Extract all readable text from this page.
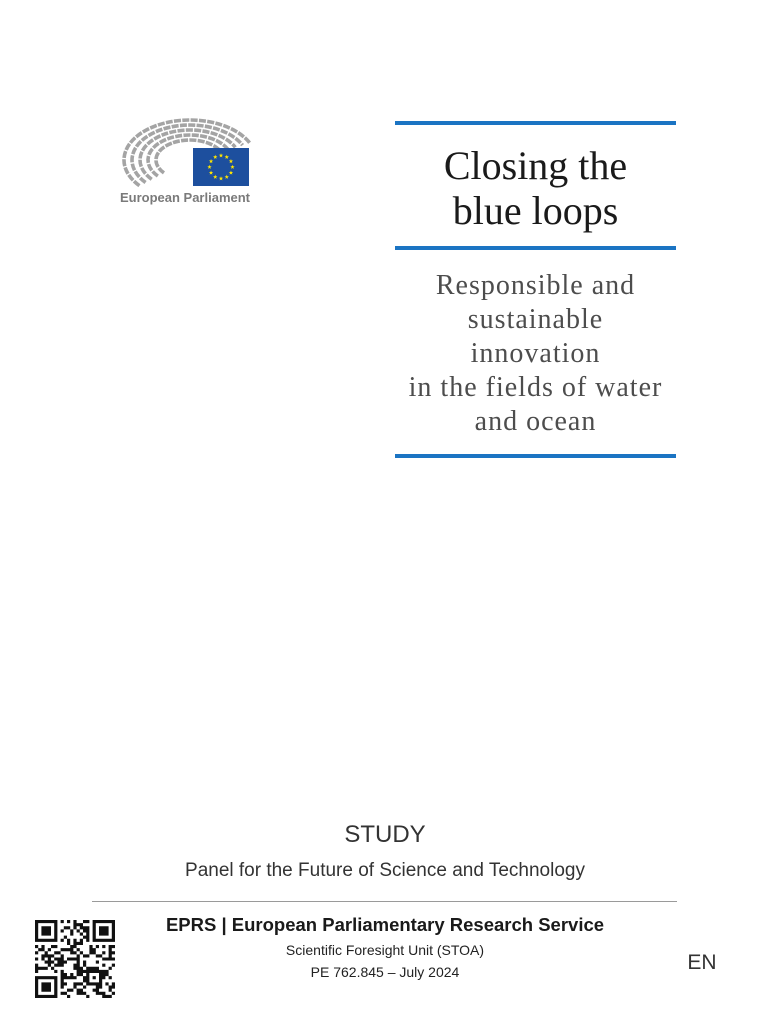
European Parliament
Closing the
blue loops
Responsible and
sustainable
innovation
in the fields of water
and ocean
STUDY
Panel for the Future of Science and Technology
EPRS | European Parliamentary Research Service
Scientific Foresight Unit (STOA)
PE 762.845 – July 2024	EN
